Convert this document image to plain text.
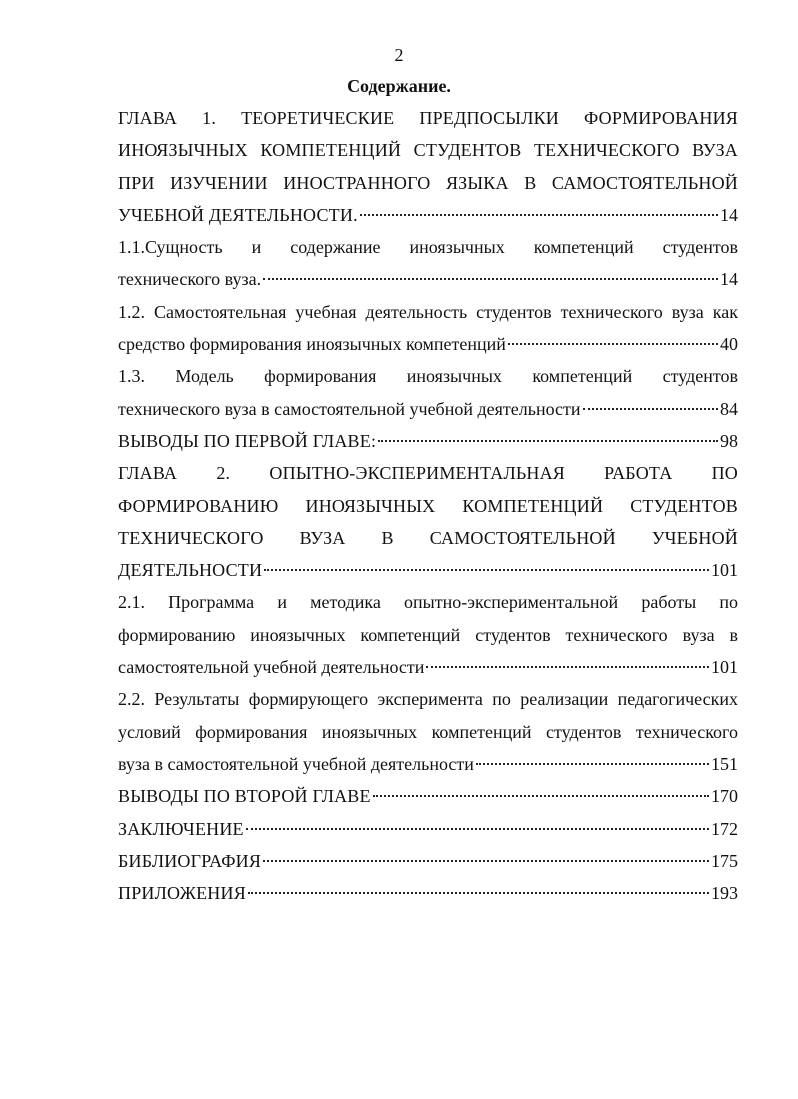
2
Содержание.
ГЛАВА 1. ТЕОРЕТИЧЕСКИЕ ПРЕДПОСЫЛКИ ФОРМИРОВАНИЯ
ИНОЯЗЫЧНЫХ КОМПЕТЕНЦИЙ СТУДЕНТОВ ТЕХНИЧЕСКОГО ВУЗА
ПРИ ИЗУЧЕНИИ ИНОСТРАННОГО ЯЗЫКА В САМОСТОЯТЕЛЬНОЙ
УЧЕБНОЙ ДЕЯТЕЛЬНОСТИ.	14
1.1.Сущность и содержание иноязычных компетенций студентов
технического вуза.	14
1.2. Самостоятельная учебная деятельность студентов технического вуза как
средство формирования иноязычных компетенций	40
1.3. Модель формирования иноязычных компетенций студентов
технического вуза в самостоятельной учебной деятельности	84
ВЫВОДЫ ПО ПЕРВОЙ ГЛАВЕ:	98
ГЛАВА 2. ОПЫТНО-ЭКСПЕРИМЕНТАЛЬНАЯ РАБОТА ПО
ФОРМИРОВАНИЮ ИНОЯЗЫЧНЫХ КОМПЕТЕНЦИЙ СТУДЕНТОВ
ТЕХНИЧЕСКОГО ВУЗА В САМОСТОЯТЕЛЬНОЙ УЧЕБНОЙ
ДЕЯТЕЛЬНОСТИ	101
2.1. Программа и методика опытно-экспериментальной работы по
формированию иноязычных компетенций студентов технического вуза в
самостоятельной учебной деятельности	101
2.2. Результаты формирующего эксперимента по реализации педагогических
условий формирования иноязычных компетенций студентов технического
вуза в самостоятельной учебной деятельности	151
ВЫВОДЫ ПО ВТОРОЙ ГЛАВЕ	170
ЗАКЛЮЧЕНИЕ	172
БИБЛИОГРАФИЯ	175
ПРИЛОЖЕНИЯ	193
